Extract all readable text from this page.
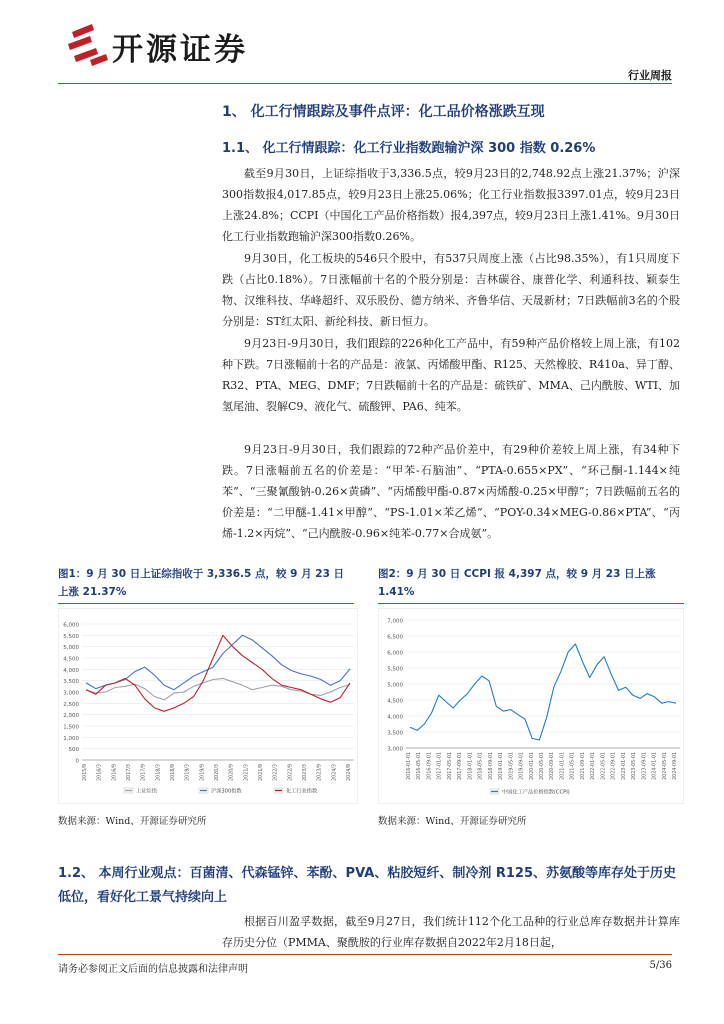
开源证券
行业周报
1、 化工行情跟踪及事件点评：化工品价格涨跌互现
1.1、 化工行情跟踪：化工行业指数跑输沪深 300 指数 0.26%

截至9月30日，上证综指收于3,336.5点，较9月23日的2,748.92点上涨21.37%；沪深300指数报4,017.85点，较9月23日上涨25.06%；化工行业指数报3397.01点，较9月23日上涨24.8%；CCPI（中国化工产品价格指数）报4,397点，较9月23日上涨1.41%。9月30日化工行业指数跑输沪深300指数0.26%。

9月30日，化工板块的546只个股中，有537只周度上涨（占比98.35%），有1只周度下跌（占比0.18%）。7日涨幅前十名的个股分别是：吉林碳谷、康普化学、利通科技、颖泰生物、汉维科技、华峰超纤、双乐股份、德方纳米、齐鲁华信、天晟新材；7日跌幅前3名的个股分别是：ST红太阳、新纶科技、新日恒力。

9月23日-9月30日，我们跟踪的226种化工产品中，有59种产品价格较上周上涨，有102种下跌。7日涨幅前十名的产品是：液氯、丙烯酸甲酯、R125、天然橡胶、R410a、异丁醇、R32、PTA、MEG、DMF；7日跌幅前十名的产品是：硫铁矿、MMA、己内酰胺、WTI、加氢尾油、裂解C9、液化气、硫酸钾、PA6、纯苯。

9月23日-9月30日，我们跟踪的72种产品价差中，有29种价差较上周上涨，有34种下跌。7日涨幅前五名的价差是：“甲苯-石脑油”、“PTA-0.655×PX”、“环己酮-1.144×纯苯”、“三聚氰酸钠-0.26×黄磷”、“丙烯酸甲酯-0.87×丙烯酸-0.25×甲醇”；7日跌幅前五名的价差是：“二甲醚-1.41×甲醇”、“PS-1.01×苯乙烯”、“POY-0.34×MEG-0.86×PTA”、“丙烯-1.2×丙烷”、“己内酰胺-0.96×纯苯-0.77×合成氨”。

图1：9 月 30 日上证综指收于 3,336.5 点，较 9 月 23 日上涨 21.37%
0
500
1,000
1,500
2,000
2,500
3,000
3,500
4,000
4,500
5,000
5,500
6,000
2015/9 2016/3 2016/9 2017/3 2017/9 2018/3 2018/9 2019/3 2019/9 2020/3 2020/9 2021/3 2021/9 2022/3 2022/9 2023/3 2023/9 2024/3 2024/9
上证综指	沪深300指数	化工行业指数
数据来源：Wind、开源证券研究所
图2：9 月 30 日 CCPI 报 4,397 点，较 9 月 23 日上涨 1.41%
3,000
3,500
4,000
4,500
5,000
5,500
6,000
6,500
7,000
2016-01-01 2016-05-01 2016-09-01 2017-01-01 2017-05-01 2017-09-01 2018-01-01 2018-05-01 2018-09-01 2019-01-01 2019-05-01 2019-09-01 2020-01-01 2020-05-01 2020-09-01 2021-01-01 2021-05-01 2021-09-01 2022-01-01 2022-05-01 2022-09-01 2023-01-01 2023-05-01 2023-09-01 2024-01-01 2024-05-01 2024-09-01
中国化工产品价格指数(CCPI)
数据来源：Wind、开源证券研究所
1.2、 本周行业观点：百菌清、代森锰锌、苯酚、PVA、粘胶短纤、制冷剂 R125、苏氨酸等库存处于历史低位，看好化工景气持续向上

根据百川盈孚数据，截至9月27日，我们统计112个化工品种的行业总库存数据并计算库存历史分位（PMMA、聚酰胺的行业库存数据自2022年2月18日起，

请务必参阅正文后面的信息披露和法律声明	5/36
